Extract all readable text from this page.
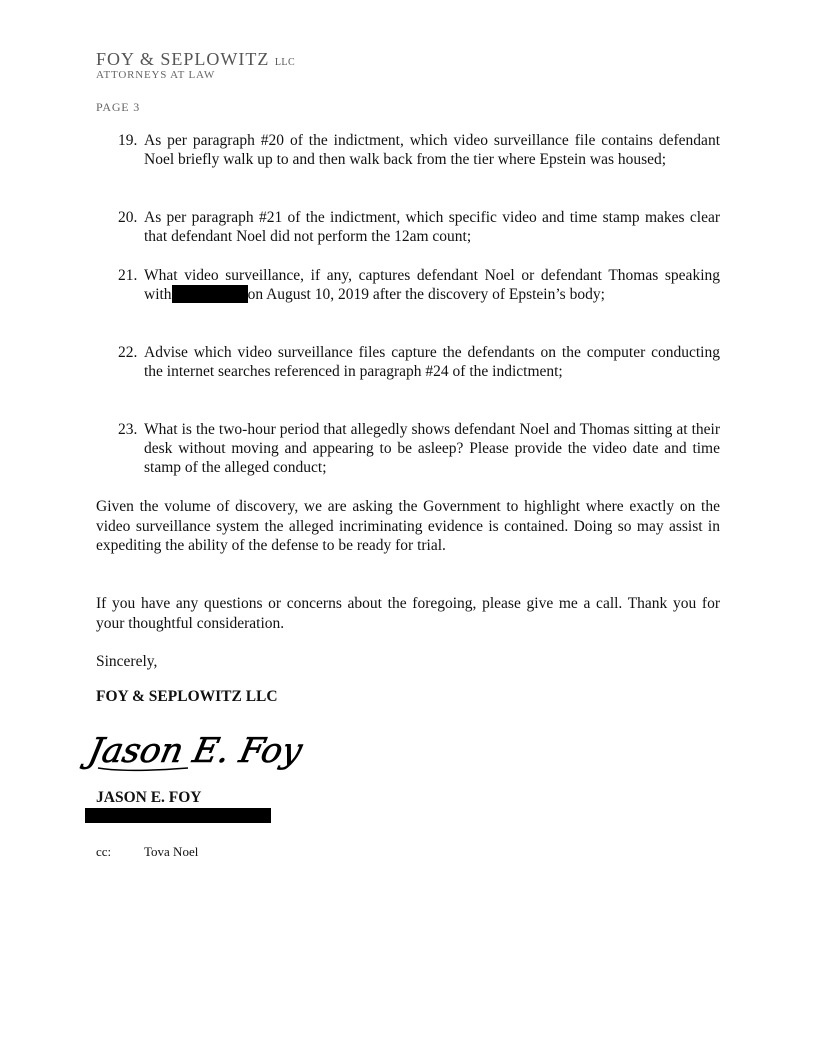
FOY & SEPLOWITZ LLC
ATTORNEYS AT LAW
PAGE 3
19. As per paragraph #20 of the indictment, which video surveillance file contains defendant Noel briefly walk up to and then walk back from the tier where Epstein was housed;
20. As per paragraph #21 of the indictment, which specific video and time stamp makes clear that defendant Noel did not perform the 12am count;
21. What video surveillance, if any, captures defendant Noel or defendant Thomas speaking with	on August 10, 2019 after the discovery of Epstein’s body;
22. Advise which video surveillance files capture the defendants on the computer conducting the internet searches referenced in paragraph #24 of the indictment;
23. What is the two-hour period that allegedly shows defendant Noel and Thomas sitting at their desk without moving and appearing to be asleep? Please provide the video date and time stamp of the alleged conduct;
Given the volume of discovery, we are asking the Government to highlight where exactly on the video surveillance system the alleged incriminating evidence is contained. Doing so may assist in expediting the ability of the defense to be ready for trial.
If you have any questions or concerns about the foregoing, please give me a call. Thank you for your thoughtful consideration.
Sincerely,
FOY & SEPLOWITZ LLC
Jason E. Foy
JASON E. FOY
cc:	Tova Noel
